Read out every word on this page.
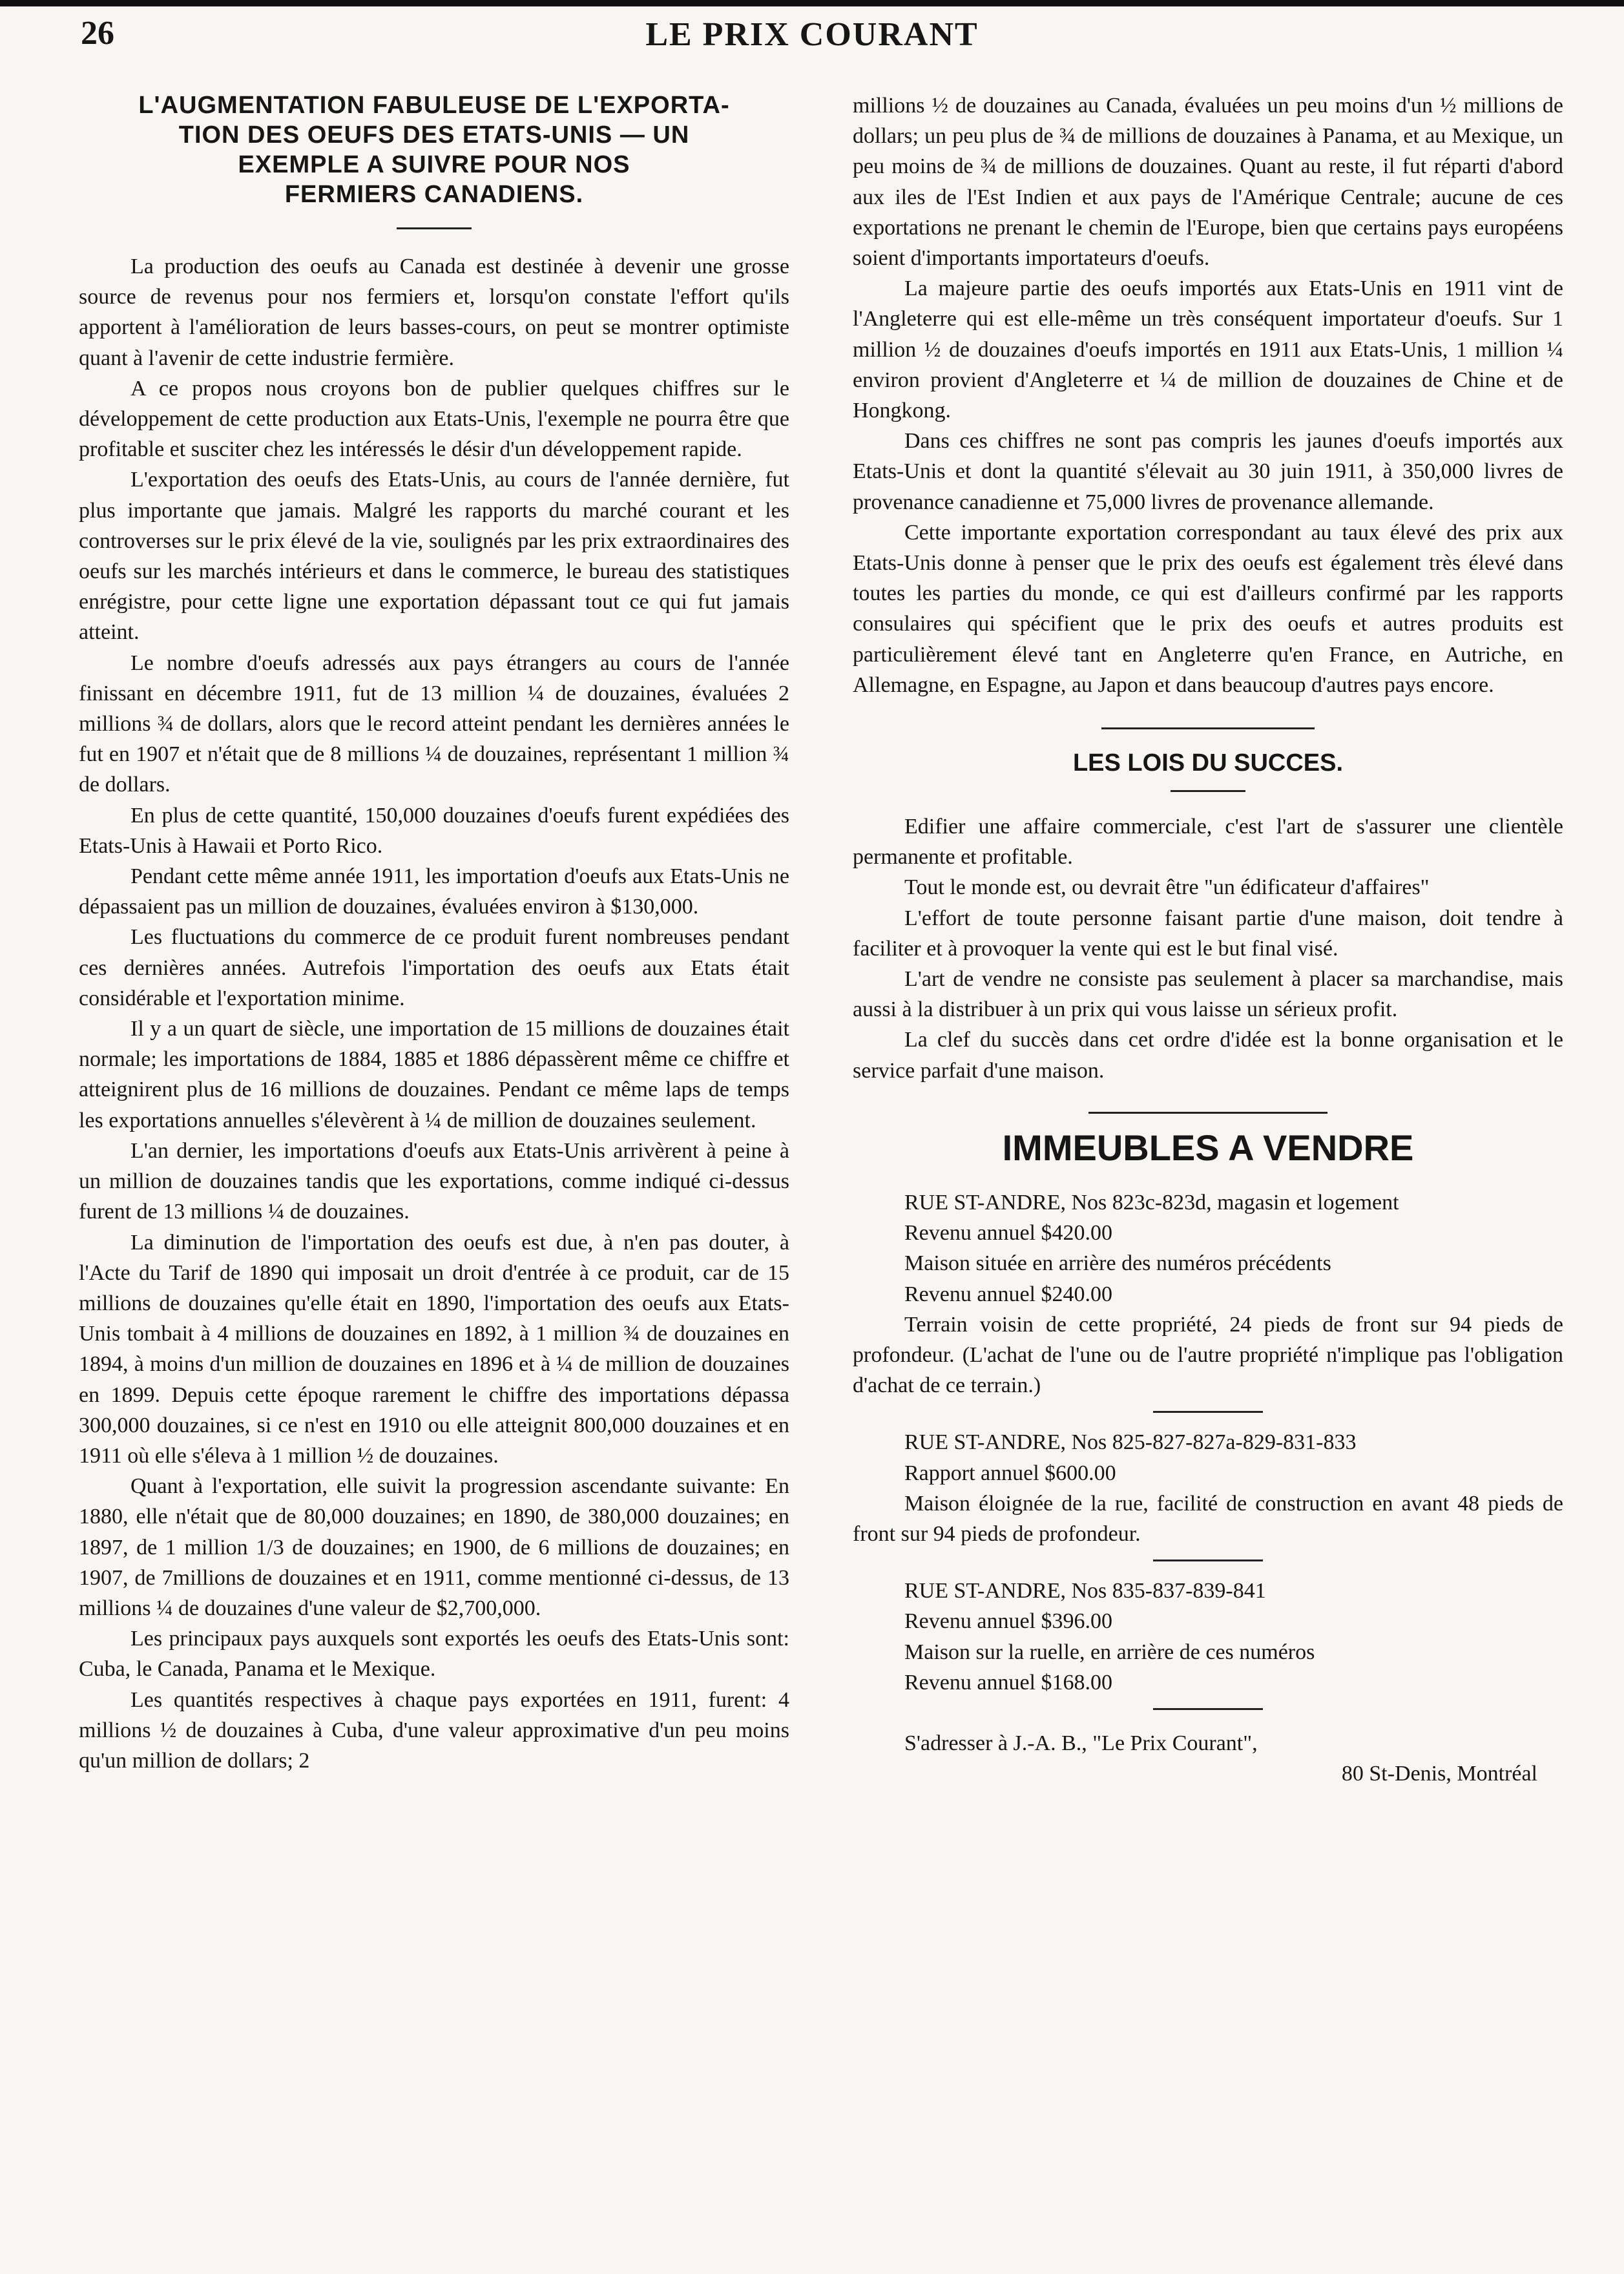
26	LE PRIX COURANT
L'AUGMENTATION FABULEUSE DE L'EXPORTA-
TION DES OEUFS DES ETATS-UNIS — UN
EXEMPLE A SUIVRE POUR NOS
FERMIERS CANADIENS.

La production des oeufs au Canada est destinée à devenir une grosse source de revenus pour nos fermiers et, lorsqu'on constate l'effort qu'ils apportent à l'amélioration de leurs basses-cours, on peut se montrer optimiste quant à l'avenir de cette industrie fermière.

A ce propos nous croyons bon de publier quelques chiffres sur le développement de cette production aux Etats-Unis, l'exemple ne pourra être que profitable et susciter chez les intéressés le désir d'un développement rapide.

L'exportation des oeufs des Etats-Unis, au cours de l'année dernière, fut plus importante que jamais. Malgré les rapports du marché courant et les controverses sur le prix élevé de la vie, soulignés par les prix extraordinaires des oeufs sur les marchés intérieurs et dans le commerce, le bureau des statistiques enrégistre, pour cette ligne une exportation dépassant tout ce qui fut jamais atteint.

Le nombre d'oeufs adressés aux pays étrangers au cours de l'année finissant en décembre 1911, fut de 13 million ¼ de douzaines, évaluées 2 millions ¾ de dollars, alors que le record atteint pendant les dernières années le fut en 1907 et n'était que de 8 millions ¼ de douzaines, représentant 1 million ¾ de dollars.

En plus de cette quantité, 150,000 douzaines d'oeufs furent expédiées des Etats-Unis à Hawaii et Porto Rico.

Pendant cette même année 1911, les importation d'oeufs aux Etats-Unis ne dépassaient pas un million de douzaines, évaluées environ à $130,000.

Les fluctuations du commerce de ce produit furent nombreuses pendant ces dernières années. Autrefois l'importation des oeufs aux Etats était considérable et l'exportation minime.

Il y a un quart de siècle, une importation de 15 millions de douzaines était normale; les importations de 1884, 1885 et 1886 dépassèrent même ce chiffre et atteignirent plus de 16 millions de douzaines. Pendant ce même laps de temps les exportations annuelles s'élevèrent à ¼ de million de douzaines seulement.

L'an dernier, les importations d'oeufs aux Etats-Unis arrivèrent à peine à un million de douzaines tandis que les exportations, comme indiqué ci-dessus furent de 13 millions ¼ de douzaines.

La diminution de l'importation des oeufs est due, à n'en pas douter, à l'Acte du Tarif de 1890 qui imposait un droit d'entrée à ce produit, car de 15 millions de douzaines qu'elle était en 1890, l'importation des oeufs aux Etats-Unis tombait à 4 millions de douzaines en 1892, à 1 million ¾ de douzaines en 1894, à moins d'un million de douzaines en 1896 et à ¼ de million de douzaines en 1899. Depuis cette époque rarement le chiffre des importations dépassa 300,000 douzaines, si ce n'est en 1910 ou elle atteignit 800,000 douzaines et en 1911 où elle s'éleva à 1 million ½ de douzaines.

Quant à l'exportation, elle suivit la progression ascendante suivante: En 1880, elle n'était que de 80,000 douzaines; en 1890, de 380,000 douzaines; en 1897, de 1 million 1/3 de douzaines; en 1900, de 6 millions de douzaines; en 1907, de 7millions de douzaines et en 1911, comme mentionné ci-dessus, de 13 millions ¼ de douzaines d'une valeur de $2,700,000.

Les principaux pays auxquels sont exportés les oeufs des Etats-Unis sont: Cuba, le Canada, Panama et le Mexique.

Les quantités respectives à chaque pays exportées en 1911, furent: 4 millions ½ de douzaines à Cuba, d'une valeur approximative d'un peu moins qu'un million de dollars; 2

millions ½ de douzaines au Canada, évaluées un peu moins d'un ½ millions de dollars; un peu plus de ¾ de millions de douzaines à Panama, et au Mexique, un peu moins de ¾ de millions de douzaines. Quant au reste, il fut réparti d'abord aux iles de l'Est Indien et aux pays de l'Amérique Centrale; aucune de ces exportations ne prenant le chemin de l'Europe, bien que certains pays européens soient d'importants importateurs d'oeufs.

La majeure partie des oeufs importés aux Etats-Unis en 1911 vint de l'Angleterre qui est elle-même un très conséquent importateur d'oeufs. Sur 1 million ½ de douzaines d'oeufs importés en 1911 aux Etats-Unis, 1 million ¼ environ provient d'Angleterre et ¼ de million de douzaines de Chine et de Hongkong.

Dans ces chiffres ne sont pas compris les jaunes d'oeufs importés aux Etats-Unis et dont la quantité s'élevait au 30 juin 1911, à 350,000 livres de provenance canadienne et 75,000 livres de provenance allemande.

Cette importante exportation correspondant au taux élevé des prix aux Etats-Unis donne à penser que le prix des oeufs est également très élevé dans toutes les parties du monde, ce qui est d'ailleurs confirmé par les rapports consulaires qui spécifient que le prix des oeufs et autres produits est particulièrement élevé tant en Angleterre qu'en France, en Autriche, en Allemagne, en Espagne, au Japon et dans beaucoup d'autres pays encore.

LES LOIS DU SUCCES.

Edifier une affaire commerciale, c'est l'art de s'assurer une clientèle permanente et profitable.

Tout le monde est, ou devrait être "un édificateur d'affaires"

L'effort de toute personne faisant partie d'une maison, doit tendre à faciliter et à provoquer la vente qui est le but final visé.

L'art de vendre ne consiste pas seulement à placer sa marchandise, mais aussi à la distribuer à un prix qui vous laisse un sérieux profit.

La clef du succès dans cet ordre d'idée est la bonne organisation et le service parfait d'une maison.

IMMEUBLES A VENDRE

RUE ST-ANDRE, Nos 823c-823d, magasin et logement

Revenu annuel $420.00

Maison située en arrière des numéros précédents

Revenu annuel $240.00

Terrain voisin de cette propriété, 24 pieds de front sur 94 pieds de profondeur. (L'achat de l'une ou de l'autre propriété n'implique pas l'obligation d'achat de ce terrain.)

RUE ST-ANDRE, Nos 825-827-827a-829-831-833

Rapport annuel $600.00

Maison éloignée de la rue, facilité de construction en avant 48 pieds de front sur 94 pieds de profondeur.

RUE ST-ANDRE, Nos 835-837-839-841

Revenu annuel $396.00

Maison sur la ruelle, en arrière de ces numéros

Revenu annuel $168.00

S'adresser à J.-A. B., "Le Prix Courant",

80 St-Denis, Montréal
